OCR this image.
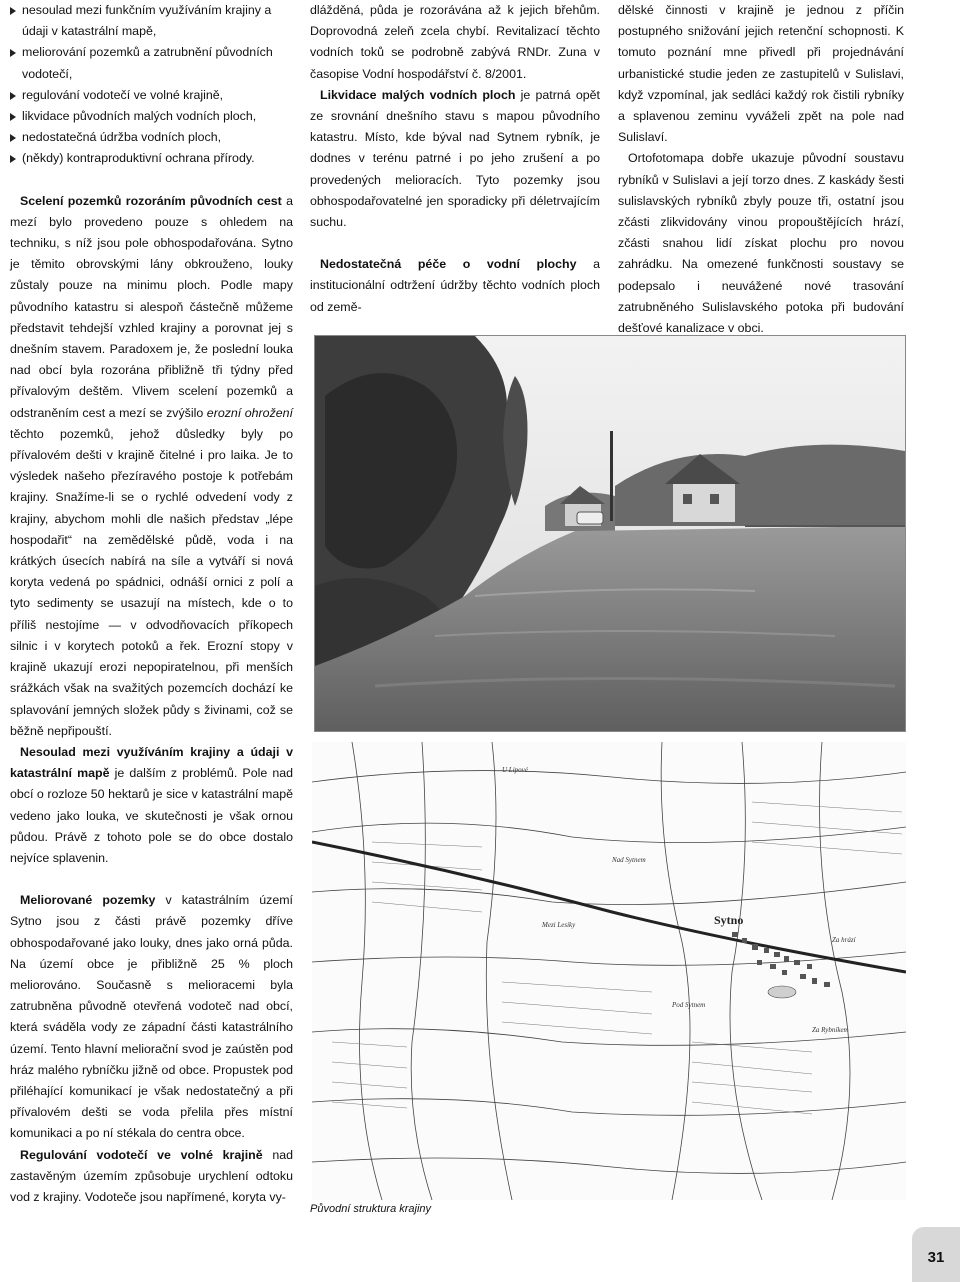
nesoulad mezi funkčním využíváním krajiny a údaji v katastrální mapě,
meliorování pozemků a zatrubnění původních vodotečí,
regulování vodotečí ve volné krajině,
likvidace původních malých vodních ploch,
nedostatečná údržba vodních ploch,
(někdy) kontraproduktivní ochrana přírody.

Scelení pozemků rozoráním původních cest a mezí bylo provedeno pouze s ohledem na techniku, s níž jsou pole obhospodařována. Sytno je těmito obrovskými lány obkrouženo, louky zůstaly pouze na minimu ploch. Podle mapy původního katastru si alespoň částečně můžeme představit tehdejší vzhled krajiny a porovnat jej s dnešním stavem. Paradoxem je, že poslední louka nad obcí byla rozorána přibližně tři týdny před přívalovým deštěm. Vlivem scelení pozemků a odstraněním cest a mezí se zvýšilo erozní ohrožení těchto pozemků, jehož důsledky byly po přívalovém dešti v krajině čitelné i pro laika. Je to výsledek našeho přezíravého postoje k potřebám krajiny. Snažíme-li se o rychlé odvedení vody z krajiny, abychom mohli dle našich představ „lépe hospodařit“ na zemědělské půdě, voda i na krátkých úsecích nabírá na síle a vytváří si nová koryta vedená po spádnici, odnáší ornici z polí a tyto sedimenty se usazují na místech, kde o to příliš nestojíme — v odvodňovacích příkopech silnic i v korytech potoků a řek. Erozní stopy v krajině ukazují erozi nepopiratelnou, při menších srážkách však na svažitých pozemcích dochází ke splavování jemných složek půdy s živinami, což se běžně nepřipouští.

Nesoulad mezi využíváním krajiny a údaji v katastrální mapě je dalším z problémů. Pole nad obcí o rozloze 50 hektarů je sice v katastrální mapě vedeno jako louka, ve skutečnosti je však ornou půdou. Právě z tohoto pole se do obce dostalo nejvíce splavenin.

Meliorované pozemky v katastrálním území Sytno jsou z části právě pozemky dříve obhospodařované jako louky, dnes jako orná půda. Na území obce je přibližně 25 % ploch meliorováno. Současně s melioracemi byla zatrubněna původně otevřená vodoteč nad obcí, která sváděla vody ze západní části katastrálního území. Tento hlavní meliorační svod je zaústěn pod hráz malého rybníčku jižně od obce. Propustek pod přiléhající komunikací je však nedostatečný a při přívalovém dešti se voda přelila přes místní komunikaci a po ní stékala do centra obce.

Regulování vodotečí ve volné krajině nad zastavěným územím způsobuje urychlení odtoku vod z krajiny. Vodoteče jsou napřímené, koryta vy-

dlážděná, půda je rozorávána až k jejich břehům. Doprovodná zeleň zcela chybí. Revitalizací těchto vodních toků se podrobně zabývá RNDr. Zuna v časopise Vodní hospodářství č. 8/2001.

Likvidace malých vodních ploch je patrná opět ze srovnání dnešního stavu s mapou původního katastru. Místo, kde býval nad Sytnem rybník, je dodnes v terénu patrné i po jeho zrušení a po provedených melioracích. Tyto pozemky jsou obhospodařovatelné jen sporadicky při déletrvajícím suchu.

Nedostatečná péče o vodní plochy a institucionální odtržení údržby těchto vodních ploch od země-

dělské činnosti v krajině je jednou z příčin postupného snižování jejich retenční schopnosti. K tomuto poznání mne přivedl při projednávání urbanistické studie jeden ze zastupitelů v Sulislavi, když vzpomínal, jak sedláci každý rok čistili rybníky a splavenou zeminu vyváželi zpět na pole nad Sulislaví.

Ortofotomapa dobře ukazuje původní soustavu rybníků v Sulislavi a její torzo dnes. Z kaskády šesti sulislavských rybníků zbyly pouze tři, ostatní jsou zčásti zlikvidovány vinou propouštějících hrází, zčásti snahou lidí získat plochu pro novou zahrádku. Na omezené funkčnosti soustavy se podepsalo i neuvážené nové trasování zatrubněného Sulislavského potoka při budování dešťové kanalizace v obci.

Sytno
U Lipové
Mezi Lesíky
Za hrází
Pod Sytnem
Nad Sytnem
Za Rybníkem
Původní struktura krajiny
31
